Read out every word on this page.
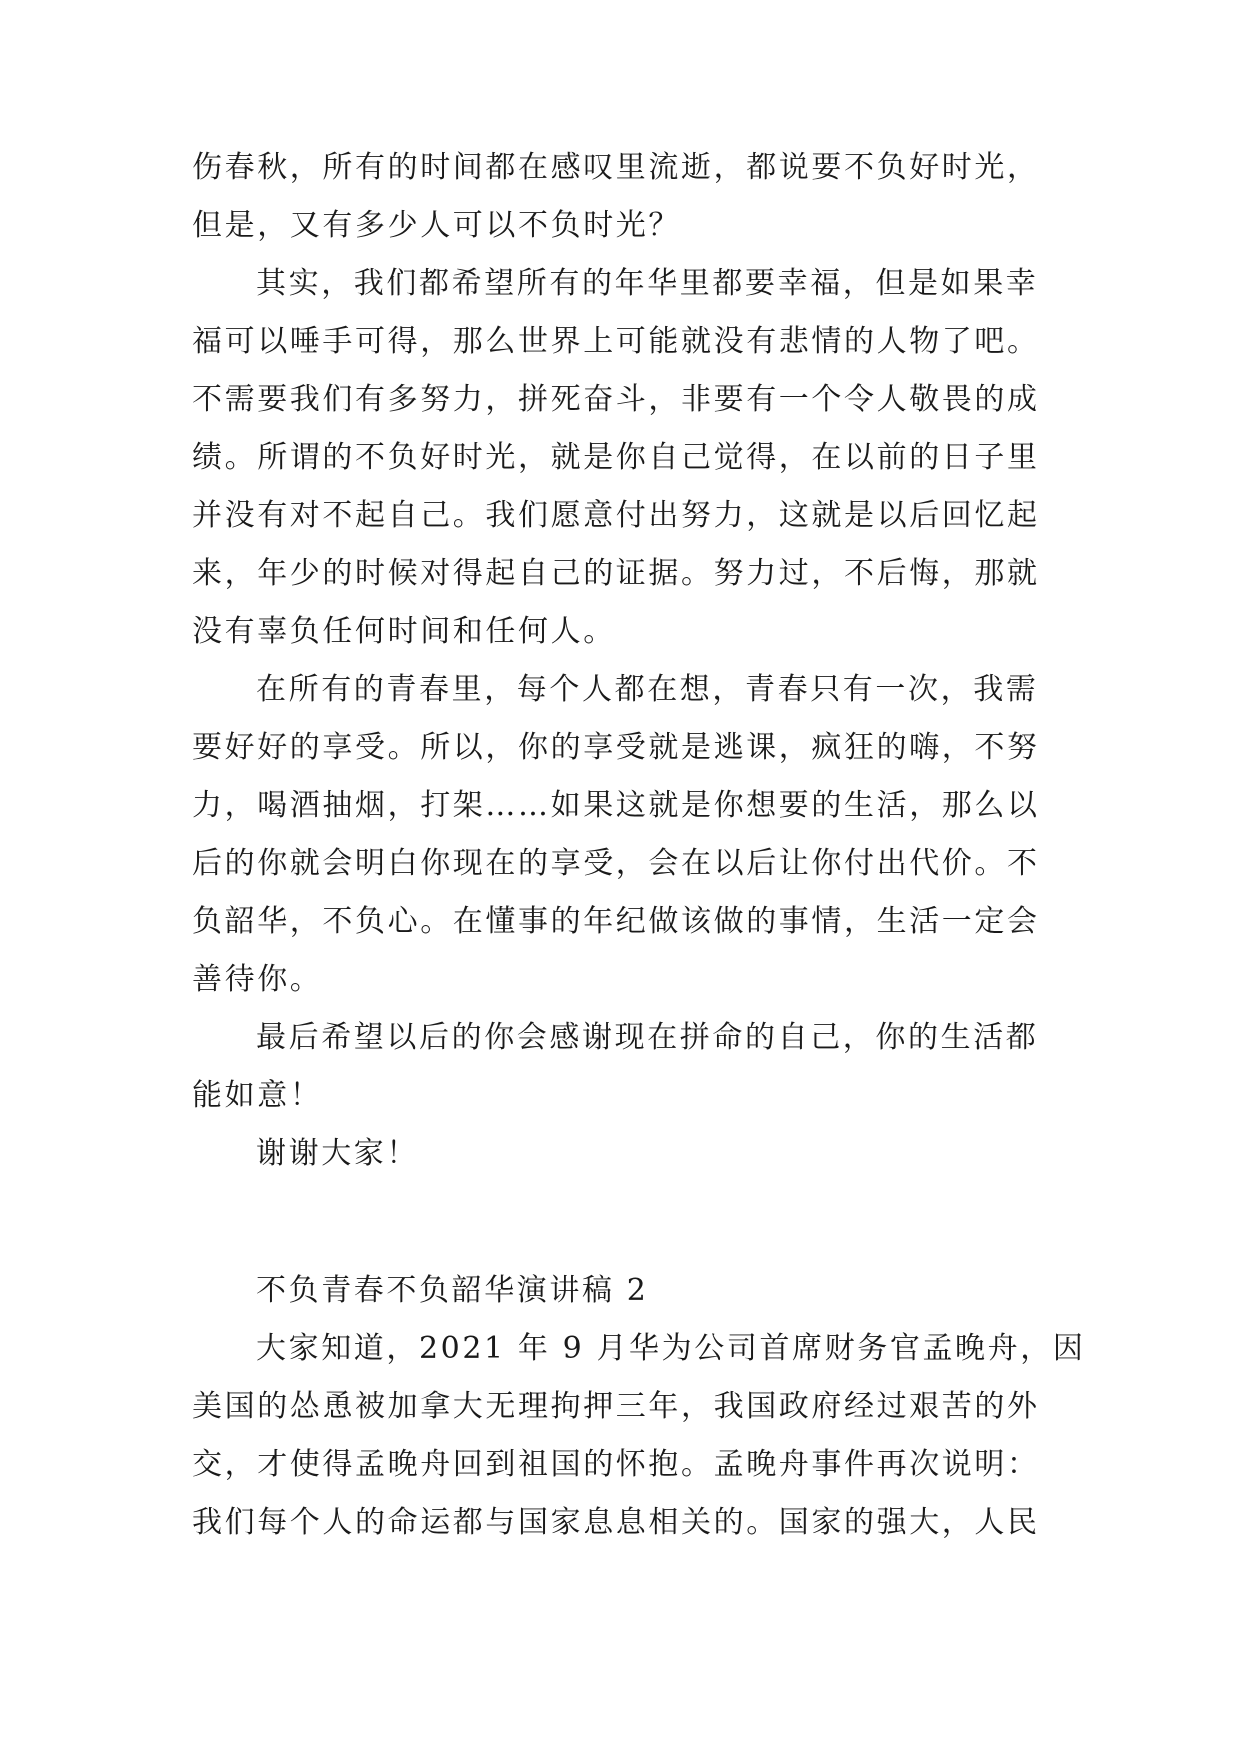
伤春秋，所有的时间都在感叹里流逝，都说要不负好时光，
但是，又有多少人可以不负时光？
其实，我们都希望所有的年华里都要幸福，但是如果幸
福可以唾手可得，那么世界上可能就没有悲情的人物了吧。
不需要我们有多努力，拼死奋斗，非要有一个令人敬畏的成
绩。所谓的不负好时光，就是你自己觉得，在以前的日子里
并没有对不起自己。我们愿意付出努力，这就是以后回忆起
来，年少的时候对得起自己的证据。努力过，不后悔，那就
没有辜负任何时间和任何人。
在所有的青春里，每个人都在想，青春只有一次，我需
要好好的享受。所以，你的享受就是逃课，疯狂的嗨，不努
力，喝酒抽烟，打架……如果这就是你想要的生活，那么以
后的你就会明白你现在的享受，会在以后让你付出代价。不
负韶华，不负心。在懂事的年纪做该做的事情，生活一定会
善待你。
最后希望以后的你会感谢现在拼命的自己，你的生活都
能如意！
谢谢大家！
不负青春不负韶华演讲稿 2
大家知道，2021 年 9 月华为公司首席财务官孟晚舟，因
美国的怂恿被加拿大无理拘押三年，我国政府经过艰苦的外
交，才使得孟晚舟回到祖国的怀抱。孟晚舟事件再次说明：
我们每个人的命运都与国家息息相关的。国家的强大，人民
